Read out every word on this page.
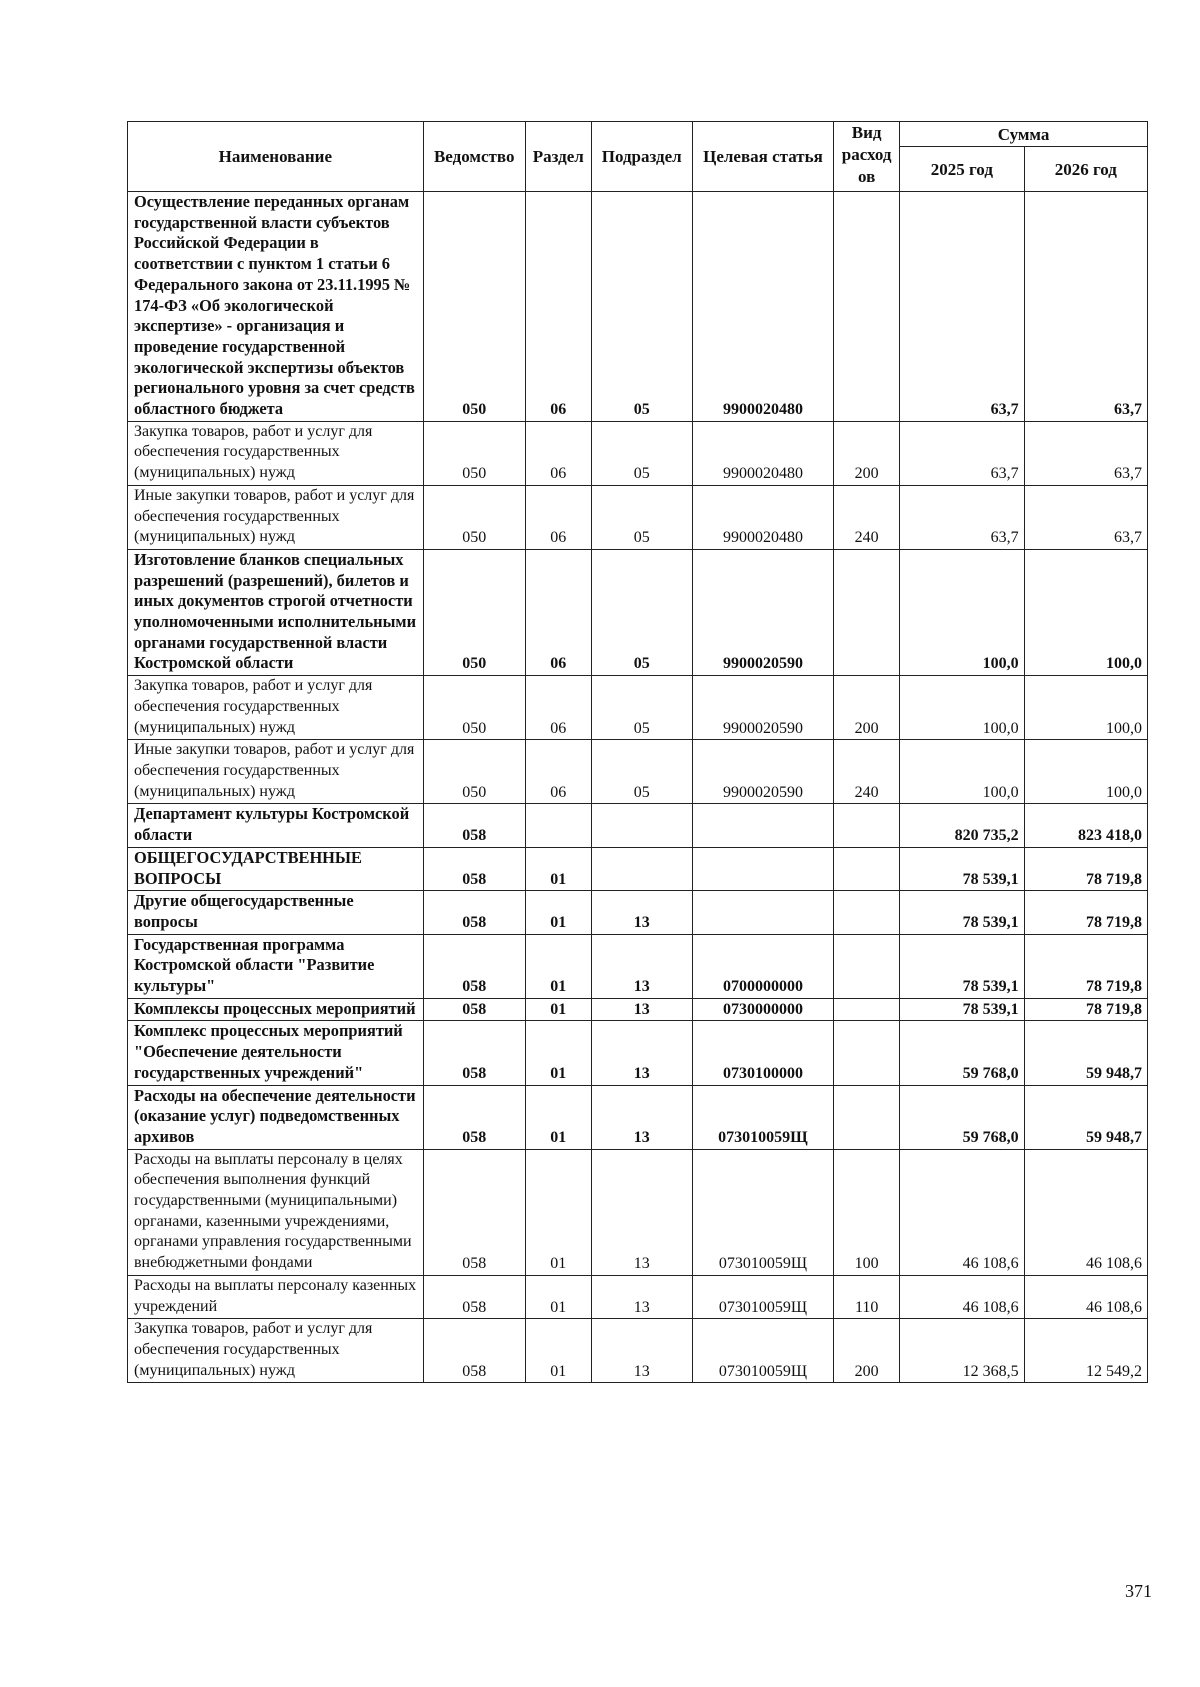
Наименование	Ведомство	Раздел	Подраздел	Целевая статья	Вид расход ов	Сумма	
						2025 год	2026 год
Осуществление переданных органам государственной власти субъектов Российской Федерации в соответствии с пунктом 1 статьи 6 Федерального закона от 23.11.1995 № 174-ФЗ «Об экологической экспертизе» - организация и проведение государственной экологической экспертизы объектов регионального уровня за счет средств областного бюджета	050	06	05	9900020480		63,7	63,7
Закупка товаров, работ и услуг для обеспечения государственных (муниципальных) нужд	050	06	05	9900020480	200	63,7	63,7
Иные закупки товаров, работ и услуг для обеспечения государственных (муниципальных) нужд	050	06	05	9900020480	240	63,7	63,7
Изготовление бланков специальных разрешений (разрешений), билетов и иных документов строгой отчетности уполномоченными исполнительными органами государственной власти Костромской области	050	06	05	9900020590		100,0	100,0
Закупка товаров, работ и услуг для обеспечения государственных (муниципальных) нужд	050	06	05	9900020590	200	100,0	100,0
Иные закупки товаров, работ и услуг для обеспечения государственных (муниципальных) нужд	050	06	05	9900020590	240	100,0	100,0
Департамент культуры Костромской области	058					820 735,2	823 418,0
ОБЩЕГОСУДАРСТВЕННЫЕ ВОПРОСЫ	058	01				78 539,1	78 719,8
Другие общегосударственные вопросы	058	01	13			78 539,1	78 719,8
Государственная программа Костромской области "Развитие культуры"	058	01	13	0700000000		78 539,1	78 719,8
Комплексы процессных мероприятий	058	01	13	0730000000		78 539,1	78 719,8
Комплекс процессных мероприятий "Обеспечение деятельности государственных учреждений"	058	01	13	0730100000		59 768,0	59 948,7
Расходы на обеспечение деятельности (оказание услуг) подведомственных архивов	058	01	13	073010059Щ		59 768,0	59 948,7
Расходы на выплаты персоналу в целях обеспечения выполнения функций государственными (муниципальными) органами, казенными учреждениями, органами управления государственными внебюджетными фондами	058	01	13	073010059Щ	100	46 108,6	46 108,6
Расходы на выплаты персоналу казенных учреждений	058	01	13	073010059Щ	110	46 108,6	46 108,6
Закупка товаров, работ и услуг для обеспечения государственных (муниципальных) нужд	058	01	13	073010059Щ	200	12 368,5	12 549,2
371
